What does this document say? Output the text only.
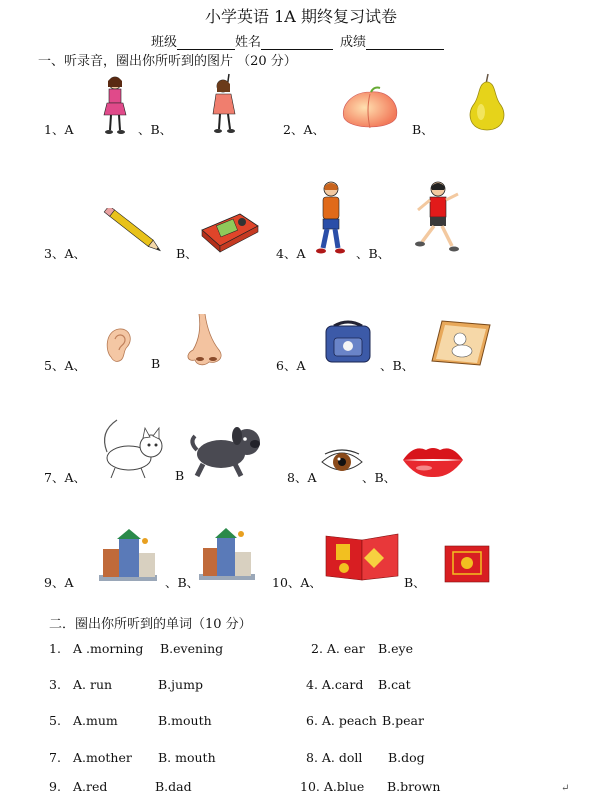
小学英语 1A 期终复习试卷
班级	姓名	成绩
一、听录音，圈出你所听到的图片 （20 分）
1、A	、B、	2、A、	B、
3、A、	B、	4、A	、B、
5、A、	B	6、A	、B、
7、A、	B	8、A	、B、
9、A	、B、	10、A、	B、
二．圈出你所听到的单词（10 分）
1. A .morning B.evening	2. A. ear B.eye
3. A. run	B.jump	4. A.card B.cat
5. A.mum	B.mouth	6. A. peach B.pear
7. A.mother B. mouth	8. A. doll B.dog
9. A.red	B.dad	10. A.blue B.brown	↵
